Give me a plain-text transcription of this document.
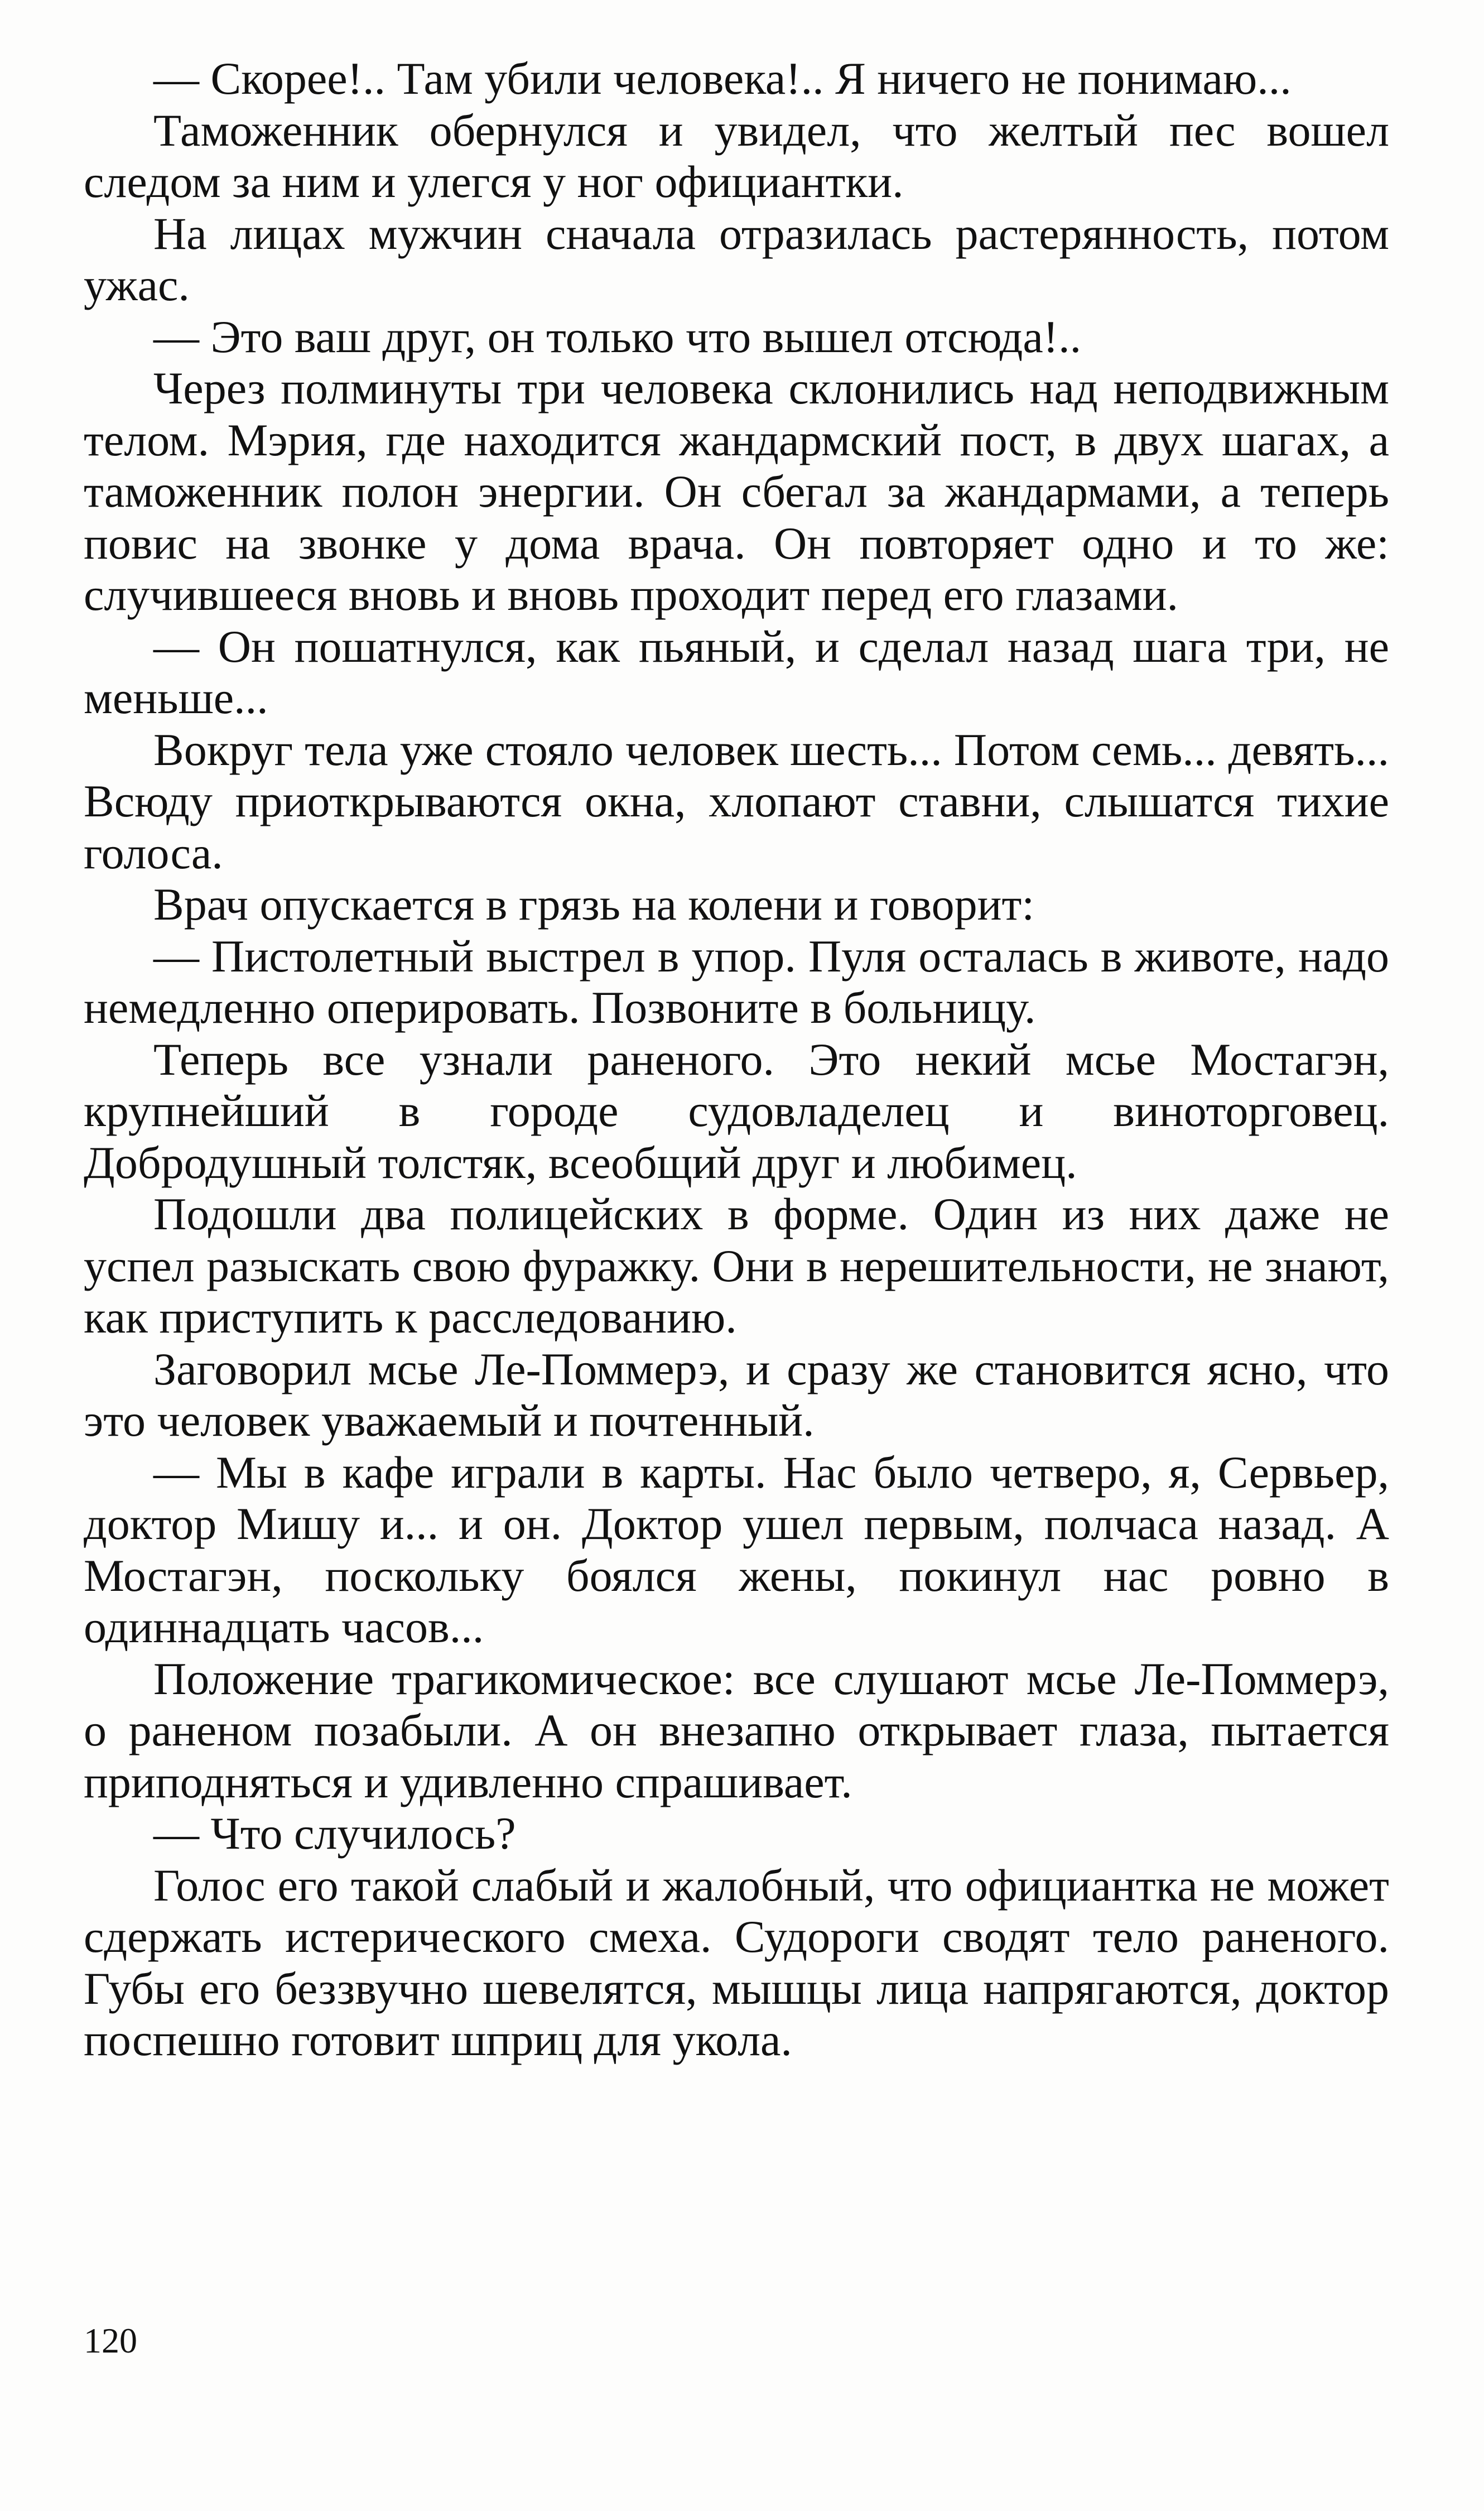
— Скорее!.. Там убили человека!.. Я ничего не понимаю...

Таможенник обернулся и увидел, что желтый пес вошел следом за ним и улегся у ног официантки.

На лицах мужчин сначала отразилась растерянность, потом ужас.

— Это ваш друг, он только что вышел отсюда!..

Через полминуты три человека склонились над неподвижным телом. Мэрия, где находится жандармский пост, в двух шагах, а таможенник полон энергии. Он сбегал за жандармами, а теперь повис на звонке у дома врача. Он повторяет одно и то же: случившееся вновь и вновь проходит перед его глазами.

— Он пошатнулся, как пьяный, и сделал назад шага три, не меньше...

Вокруг тела уже стояло человек шесть... Потом семь... девять... Всюду приоткрываются окна, хлопают ставни, слышатся тихие голоса.

Врач опускается в грязь на колени и говорит:

— Пистолетный выстрел в упор. Пуля осталась в животе, надо немедленно оперировать. Позвоните в больницу.

Теперь все узнали раненого. Это некий мсье Мостагэн, крупнейший в городе судовладелец и виноторговец. Добродушный толстяк, всеобщий друг и любимец.

Подошли два полицейских в форме. Один из них даже не успел разыскать свою фуражку. Они в нерешительности, не знают, как приступить к расследованию.

Заговорил мсье Ле-Поммерэ, и сразу же становится ясно, что это человек уважаемый и почтенный.

— Мы в кафе играли в карты. Нас было четверо, я, Сервьер, доктор Мишу и... и он. Доктор ушел первым, полчаса назад. А Мостагэн, поскольку боялся жены, покинул нас ровно в одиннадцать часов...

Положение трагикомическое: все слушают мсье Ле-Поммерэ, о раненом позабыли. А он внезапно открывает глаза, пытается приподняться и удивленно спрашивает.

— Что случилось?

Голос его такой слабый и жалобный, что официантка не может сдержать истерического смеха. Судороги сводят тело раненого. Губы его беззвучно шевелятся, мышцы лица напрягаются, доктор поспешно готовит шприц для укола.

120
